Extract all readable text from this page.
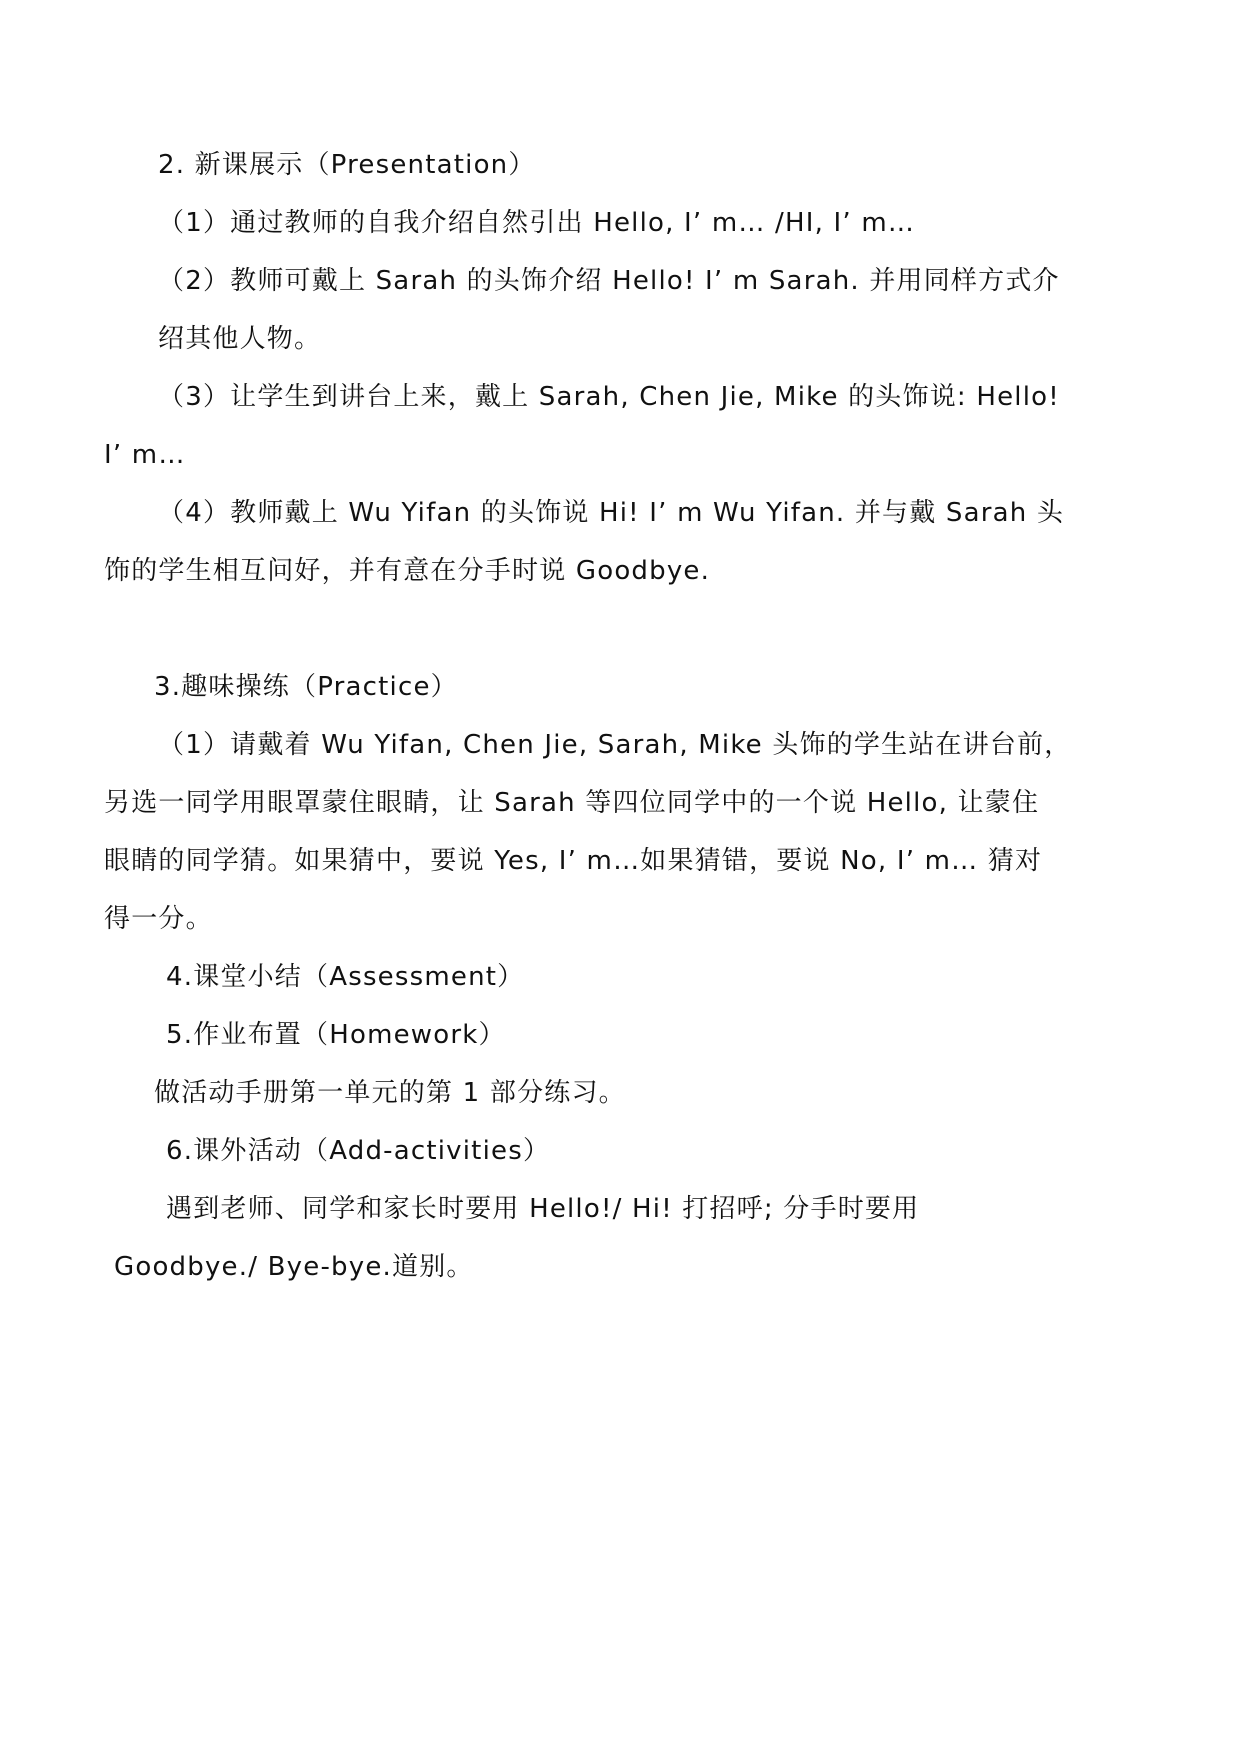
2. 新课展示（Presentation）
（1）通过教师的自我介绍自然引出 Hello, I’ m… /HI, I’ m…
（2）教师可戴上 Sarah 的头饰介绍 Hello! I’ m Sarah. 并用同样方式介
绍其他人物。
（3）让学生到讲台上来，戴上 Sarah, Chen Jie, Mike 的头饰说: Hello!
I’ m…
（4）教师戴上 Wu Yifan 的头饰说 Hi! I’ m Wu Yifan. 并与戴 Sarah 头
饰的学生相互问好，并有意在分手时说 Goodbye.
3.趣味操练（Practice）
（1）请戴着 Wu Yifan, Chen Jie, Sarah, Mike 头饰的学生站在讲台前，
另选一同学用眼罩蒙住眼睛，让 Sarah 等四位同学中的一个说 Hello, 让蒙住
眼睛的同学猜。如果猜中，要说 Yes, I’ m…如果猜错，要说 No, I’ m… 猜对
得一分。
4.课堂小结（Assessment）
5.作业布置（Homework）
做活动手册第一单元的第 1 部分练习。
6.课外活动（Add-activities）
遇到老师、同学和家长时要用 Hello!/ Hi! 打招呼; 分手时要用
Goodbye./ Bye-bye.道别。
